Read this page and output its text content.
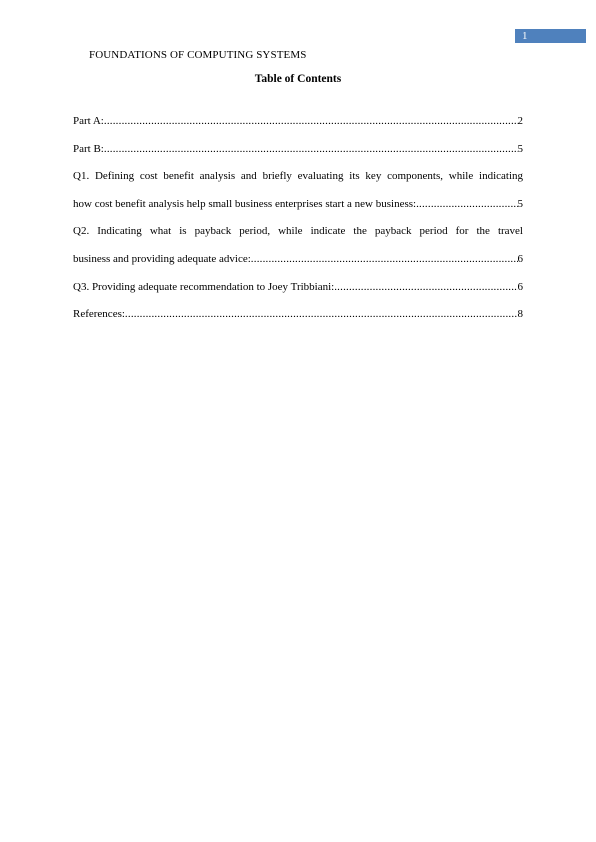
1
FOUNDATIONS OF COMPUTING SYSTEMS
Table of Contents
Part A: .....	2
Part B: .....	5
Q1. Defining cost benefit analysis and briefly evaluating its key components, while indicating
how cost benefit analysis help small business enterprises start a new business: .....	5
Q2. Indicating what is payback period, while indicate the payback period for the travel
business and providing adequate advice: .....	6
Q3. Providing adequate recommendation to Joey Tribbiani: .....	6
References: .....	8
